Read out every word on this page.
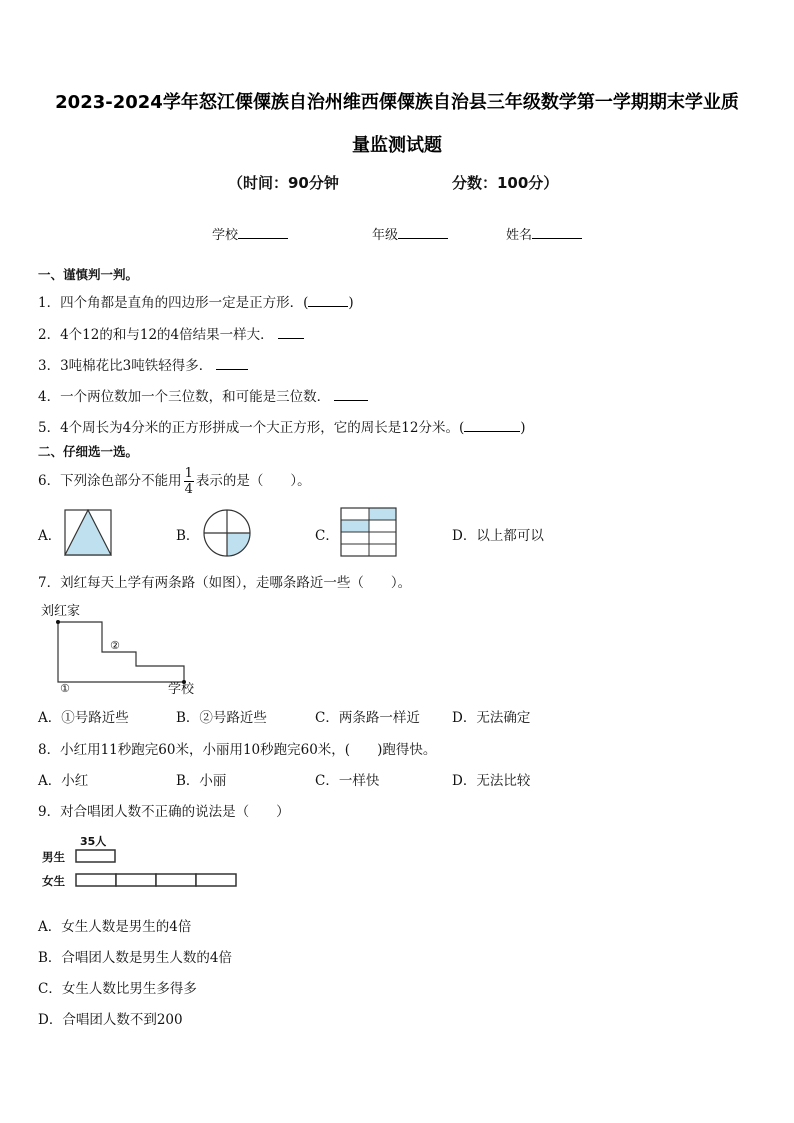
2023-2024学年怒江傈僳族自治州维西傈僳族自治县三年级数学第一学期期末学业质
量监测试题
（时间：90分钟	分数：100分）
学校	年级	姓名
一、谨慎判一判。
1．四个角都是直角的四边形一定是正方形．(	)
2．4个12的和与12的4倍结果一样大．
3．3吨棉花比3吨铁轻得多．
4．一个两位数加一个三位数，和可能是三位数．
5．4个周长为4分米的正方形拼成一个大正方形，它的周长是12分米。(	)
二、仔细选一选。
6．下列涂色部分不能用 $\frac{1}{4}$ 表示的是（　　）。
A．	B．	C．	D．以上都可以
7．刘红每天上学有两条路（如图），走哪条路近一些（　　）。
刘红家
②
①	学校
A．①号路近些	B．②号路近些	C．两条路一样近 D．无法确定
8．小红用11秒跑完60米，小丽用10秒跑完60米，(　　)跑得快。
A．小红	B．小丽	C．一样快	D．无法比较
9．对合唱团人数不正确的说法是（　　）
35人
男生
女生
A．女生人数是男生的4倍
B．合唱团人数是男生人数的4倍
C．女生人数比男生多得多
D．合唱团人数不到200
